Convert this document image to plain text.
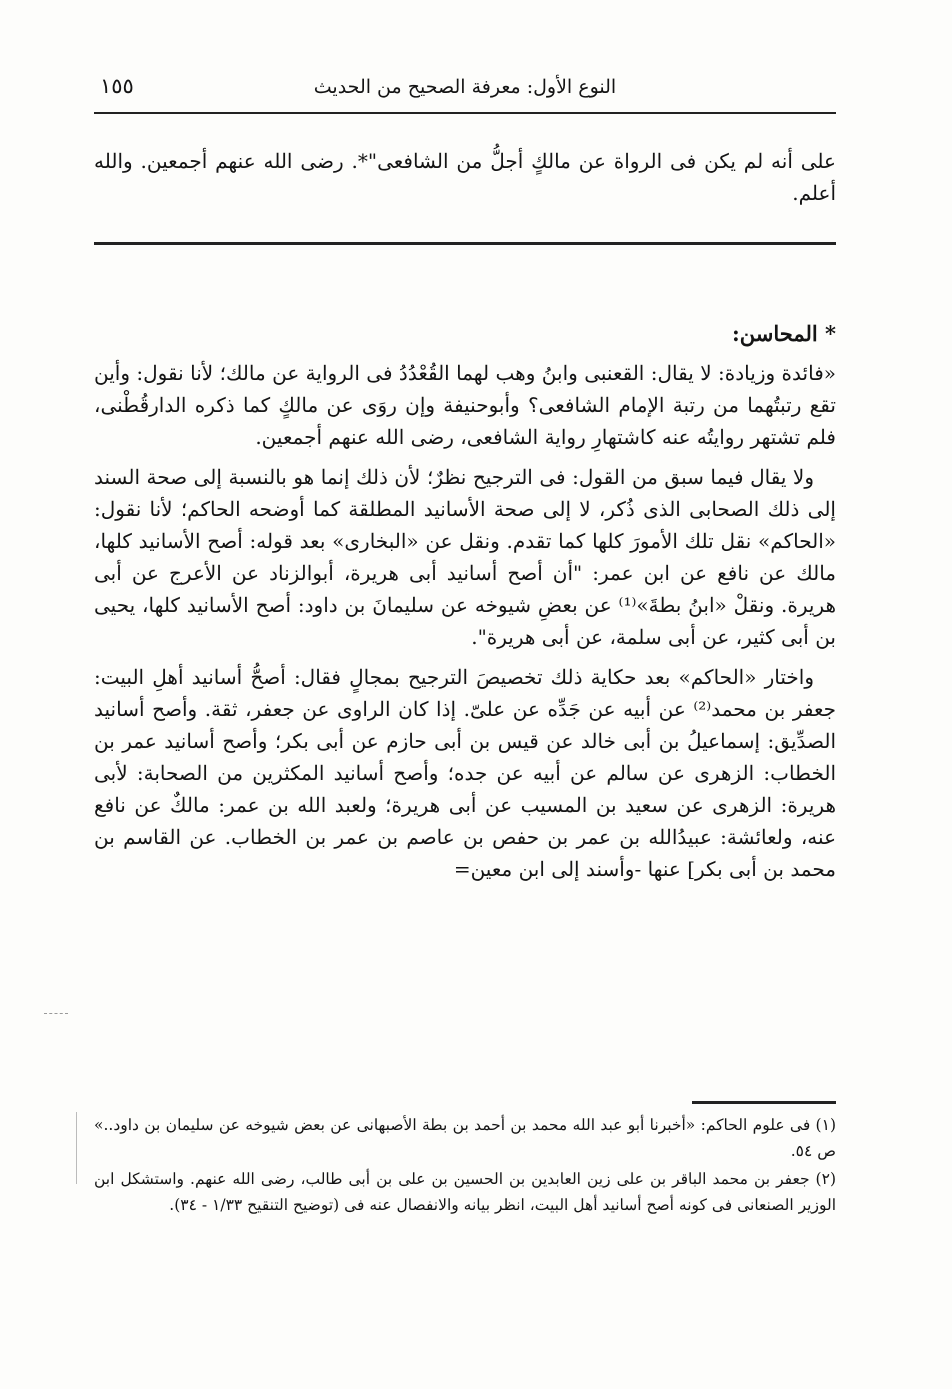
١٥٥	النوع الأول: معرفة الصحيح من الحديث
على أنه لم يكن فى الرواة عن مالكٍ أجلُّ من الشافعى"*. رضى الله عنهم أجمعين. والله أعلم.
* المحاسن:

«فائدة وزيادة: لا يقال: القعنبى وابنُ وهب لهما القُعْدُدُ فى الرواية عن مالك؛ لأنا نقول: وأين تقع رتبتُهما من رتبة الإمام الشافعى؟ وأبوحنيفة وإن روَى عن مالكٍ كما ذكره الدارقُطْنى، فلم تشتهر روايتُه عنه كاشتهارِ رواية الشافعى، رضى الله عنهم أجمعين.

ولا يقال فيما سبق من القول: فى الترجيح نظرٌ؛ لأن ذلك إنما هو بالنسبة إلى صحة السند إلى ذلك الصحابى الذى ذُكر، لا إلى صحة الأسانيد المطلقة كما أوضحه الحاكم؛ لأنا نقول: «الحاكم» نقل تلك الأمورَ كلها كما تقدم. ونقل عن «البخارى» بعد قوله: أصح الأسانيد كلها، مالك عن نافع عن ابن عمر: "أن أصح أسانيد أبى هريرة، أبوالزناد عن الأعرج عن أبى هريرة. ونقلْ «ابنُ بطةَ»⁽¹⁾ عن بعضِ شيوخه عن سليمانَ بن داود: أصح الأسانيد كلها، يحيى بن أبى كثير، عن أبى سلمة، عن أبى هريرة".

واختار «الحاكم» بعد حكاية ذلك تخصيصَ الترجيح بمجالٍ فقال: أصحُّ أسانيد أهلِ البيت: جعفر بن محمد⁽²⁾ عن أبيه عن جَدِّه عن علىّ. إذا كان الراوى عن جعفر، ثقة. وأصح أسانيد الصدِّيق: إسماعيلُ بن أبى خالد عن قيس بن أبى حازم عن أبى بكر؛ وأصح أسانيد عمر بن الخطاب: الزهرى عن سالم عن أبيه عن جده؛ وأصح أسانيد المكثرين من الصحابة: لأبى هريرة: الزهرى عن سعيد بن المسيب عن أبى هريرة؛ ولعبد الله بن عمر: مالكٌ عن نافع عنه، ولعائشة: عبيدُالله بن عمر بن حفص بن عاصم بن عمر بن الخطاب. عن القاسم بن محمد بن أبى بكر] عنها -وأسند إلى ابن معين=

(١) فى علوم الحاكم: «أخبرنا أبو عبد الله محمد بن أحمد بن بطة الأصبهانى عن بعض شيوخه عن سليمان بن داود..» ص ٥٤.

(٢) جعفر بن محمد الباقر بن على زين العابدين بن الحسين بن على بن أبى طالب، رضى الله عنهم. واستشكل ابن الوزير الصنعانى فى كونه أصح أسانيد أهل البيت، انظر بيانه والانفصال عنه فى (توضيح التنقيح ١/٣٣ - ٣٤).
